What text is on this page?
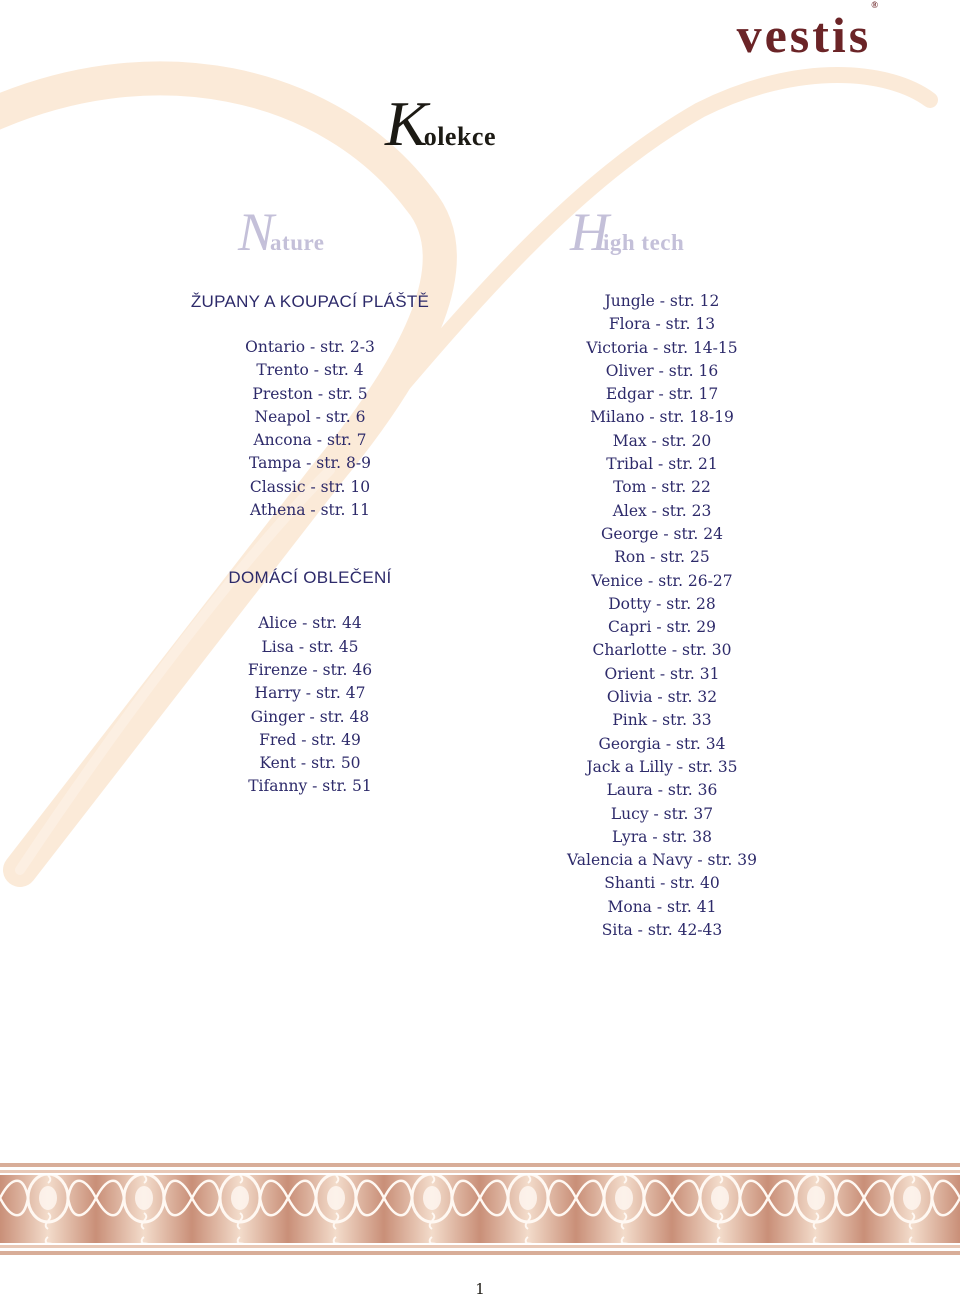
vestis®
Kolekce
Nature	High tech
ŽUPANY A KOUPACÍ PLÁŠTĚ
Ontario - str. 2-3
Trento - str. 4
Preston - str. 5
Neapol - str. 6
Ancona - str. 7
Tampa - str. 8-9
Classic - str. 10
Athena - str. 11
DOMÁCÍ OBLEČENÍ
Alice - str. 44
Lisa - str. 45
Firenze - str. 46
Harry - str. 47
Ginger - str. 48
Fred - str. 49
Kent - str. 50
Tifanny - str. 51
Jungle - str. 12
Flora - str. 13
Victoria - str. 14-15
Oliver - str. 16
Edgar - str. 17
Milano - str. 18-19
Max - str. 20
Tribal - str. 21
Tom - str. 22
Alex - str. 23
George - str. 24
Ron - str. 25
Venice - str. 26-27
Dotty - str. 28
Capri - str. 29
Charlotte - str. 30
Orient - str. 31
Olivia - str. 32
Pink - str. 33
Georgia - str. 34
Jack a Lilly - str. 35
Laura - str. 36
Lucy - str. 37
Lyra - str. 38
Valencia a Navy - str. 39
Shanti - str. 40
Mona - str. 41
Sita - str. 42-43
1
